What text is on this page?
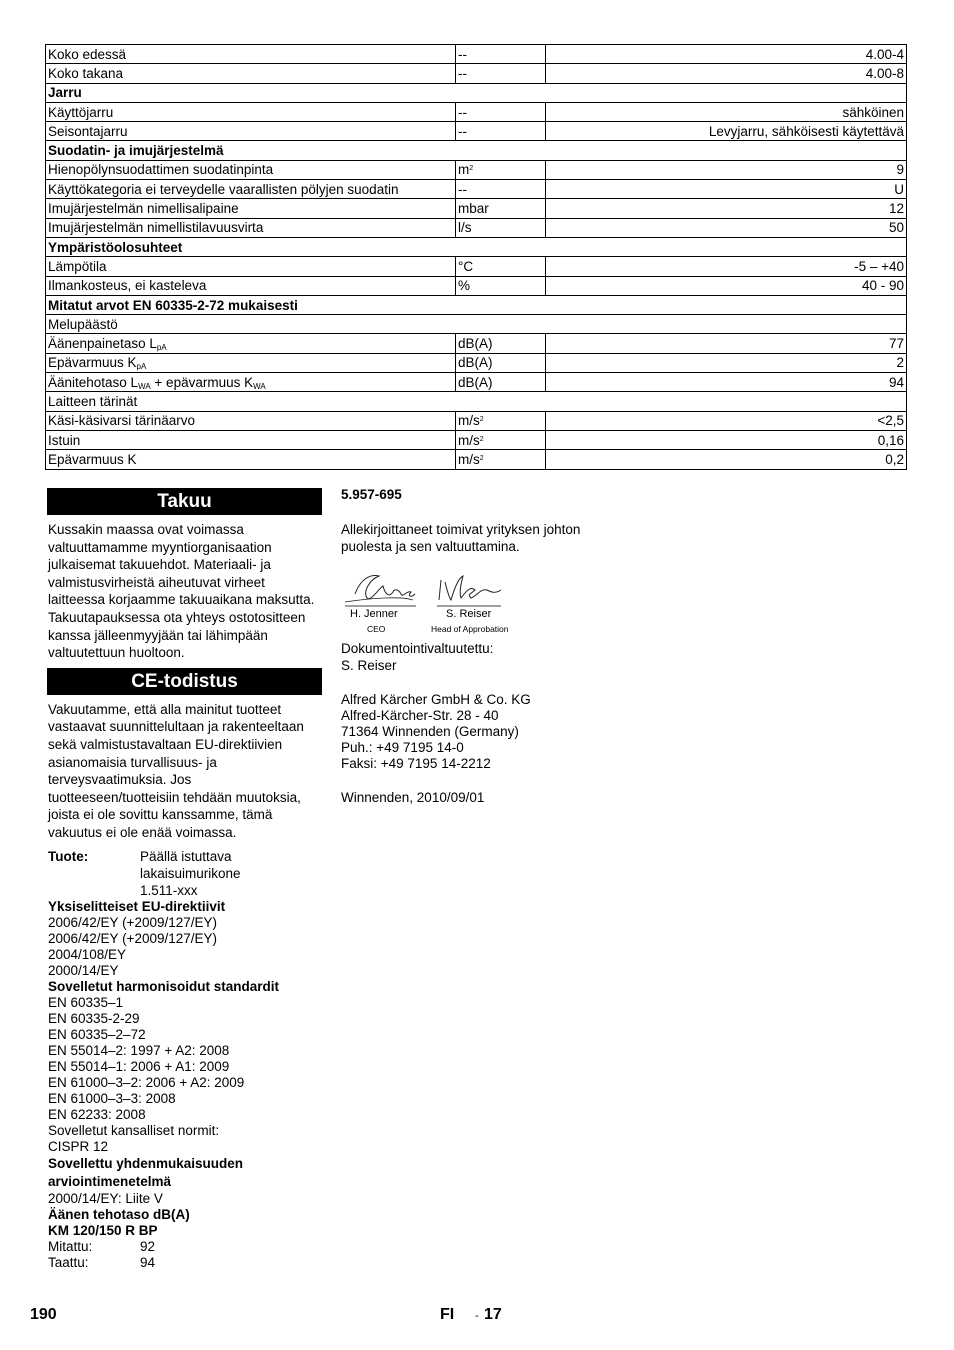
Koko edessä	--	4.00-4
Koko takana	--	4.00-8
Jarru		
Käyttöjarru	--	sähköinen
Seisontajarru	--	Levyjarru, sähköisesti käytettävä
Suodatin- ja imujärjestelmä		
Hienopölynsuodattimen suodatinpinta	$m^2$	9
Käyttökategoria ei terveydelle vaarallisten pölyjen suodatin	--	U
Imujärjestelmän nimellisalipaine	mbar	12
Imujärjestelmän nimellistilavuusvirta	l/s	50
Ympäristöolosuhteet		
Lämpötila	°C	-5 – +40
Ilmankosteus, ei kasteleva	%	40 - 90
Mitatut arvot EN 60335-2-72 mukaisesti		
Melupäästö		
Äänenpainetaso $L_{pA}$	dB(A)	77
Epävarmuus $K_{pA}$	dB(A)	2
Äänitehotaso $L_{WA}$ + epävarmuus $K_{WA}$	dB(A)	94
Laitteen tärinät		
Käsi-käsivarsi tärinäarvo	$m/s^2$	<2,5
Istuin	$m/s^2$	0,16
Epävarmuus K	$m/s^2$	0,2
Takuu
Kussakin maassa ovat voimassa valtuuttamamme myyntiorganisaation julkaisemat takuuehdot. Materiaali- ja valmistusvirheistä aiheutuvat virheet laitteessa korjaamme takuuaikana maksutta. Takuutapauksessa ota yhteys ostotositteen kanssa jälleenmyyjään tai lähimpään valtuutettuun huoltoon.
CE-todistus
Vakuutamme, että alla mainitut tuotteet vastaavat suunnittelultaan ja rakenteeltaan sekä valmistustavaltaan EU-direktiivien asianomaisia turvallisuus- ja terveysvaatimuksia. Jos tuotteeseen/tuotteisiin tehdään muutoksia, joista ei ole sovittu kanssamme, tämä vakuutus ei ole enää voimassa.
Tuote:	Päällä istuttava lakaisuimurikone
1.511-xxx
Yksiselitteiset EU-direktiivit
2006/42/EY (+2009/127/EY)
2006/42/EY (+2009/127/EY)
2004/108/EY
2000/14/EY
Sovelletut harmonisoidut standardit
EN 60335–1
EN 60335-2-29
EN 60335–2–72
EN 55014–2: 1997 + A2: 2008
EN 55014–1: 2006 + A1: 2009
EN 61000–3–2: 2006 + A2: 2009
EN 61000–3–3: 2008
EN 62233: 2008
Sovelletut kansalliset normit:
CISPR 12
Sovellettu yhdenmukaisuuden arviointimenetelmä
2000/14/EY: Liite V
Äänen tehotaso dB(A)
KM 120/150 R BP
Mitattu:	92
Taattu:	94
5.957-695
Allekirjoittaneet toimivat yrityksen johton puolesta ja sen valtuuttamina.
H. Jenner
CEO
S. Reiser
Head of Approbation
Dokumentointivaltuutettu:
S. Reiser
Alfred Kärcher GmbH & Co. KG
Alfred-Kärcher-Str. 28 - 40
71364 Winnenden (Germany)
Puh.: +49 7195 14-0
Faksi: +49 7195 14-2212
Winnenden, 2010/09/01
190	FI - 17
